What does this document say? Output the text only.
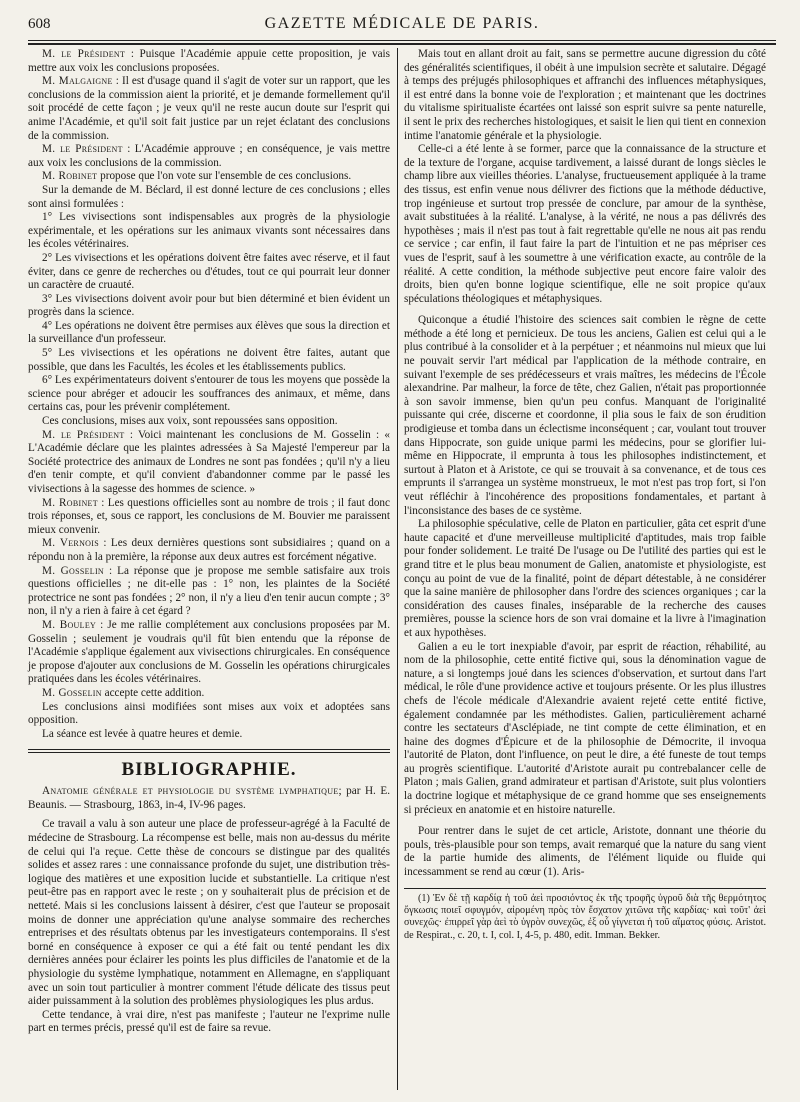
608	GAZETTE MÉDICALE DE PARIS.

M. le Président : Puisque l'Académie appuie cette proposition, je vais mettre aux voix les conclusions proposées.

M. Malgaigne : Il est d'usage quand il s'agit de voter sur un rapport, que les conclusions de la commission aient la priorité, et je demande formellement qu'il soit procédé de cette façon ; je veux qu'il ne reste aucun doute sur l'esprit qui anime l'Académie, et qu'il soit fait justice par un rejet éclatant des conclusions de la commission.

M. le Président : L'Académie approuve ; en conséquence, je vais mettre aux voix les conclusions de la commission.

M. Robinet propose que l'on vote sur l'ensemble de ces conclusions.

Sur la demande de M. Béclard, il est donné lecture de ces conclusions ; elles sont ainsi formulées :

1° Les vivisections sont indispensables aux progrès de la physiologie expérimentale, et les opérations sur les animaux vivants sont nécessaires dans les écoles vétérinaires.

2° Les vivisections et les opérations doivent être faites avec réserve, et il faut éviter, dans ce genre de recherches ou d'études, tout ce qui pourrait leur donner un caractère de cruauté.

3° Les vivisections doivent avoir pour but bien déterminé et bien évident un progrès dans la science.

4° Les opérations ne doivent être permises aux élèves que sous la direction et la surveillance d'un professeur.

5° Les vivisections et les opérations ne doivent être faites, autant que possible, que dans les Facultés, les écoles et les établissements publics.

6° Les expérimentateurs doivent s'entourer de tous les moyens que possède la science pour abréger et adoucir les souffrances des animaux, et même, dans certains cas, pour les prévenir complétement.

Ces conclusions, mises aux voix, sont repoussées sans opposition.

M. le Président : Voici maintenant les conclusions de M. Gosselin : « L'Académie déclare que les plaintes adressées à Sa Majesté l'empereur par la Société protectrice des animaux de Londres ne sont pas fondées ; qu'il n'y a lieu d'en tenir compte, et qu'il convient d'abandonner comme par le passé les vivisections à la sagesse des hommes de science. »

M. Robinet : Les questions officielles sont au nombre de trois ; il faut donc trois réponses, et, sous ce rapport, les conclusions de M. Bouvier me paraissent mieux convenir.

M. Vernois : Les deux dernières questions sont subsidiaires ; quand on a répondu non à la première, la réponse aux deux autres est forcément négative.

M. Gosselin : La réponse que je propose me semble satisfaire aux trois questions officielles ; ne dit-elle pas : 1° non, les plaintes de la Société protectrice ne sont pas fondées ; 2° non, il n'y a lieu d'en tenir aucun compte ; 3° non, il n'y a rien à faire à cet égard ?

M. Bouley : Je me rallie complétement aux conclusions proposées par M. Gosselin ; seulement je voudrais qu'il fût bien entendu que la réponse de l'Académie s'applique également aux vivisections chirurgicales. En conséquence je propose d'ajouter aux conclusions de M. Gosselin les opérations chirurgicales pratiquées dans les écoles vétérinaires.

M. Gosselin accepte cette addition.

Les conclusions ainsi modifiées sont mises aux voix et adoptées sans opposition.

La séance est levée à quatre heures et demie.

BIBLIOGRAPHIE.

Anatomie générale et physiologie du système lymphatique; par H. E. Beaunis. — Strasbourg, 1863, in-4, IV-96 pages.

Ce travail a valu à son auteur une place de professeur-agrégé à la Faculté de médecine de Strasbourg. La récompense est belle, mais non au-dessus du mérite de celui qui l'a reçue. Cette thèse de concours se distingue par des qualités solides et assez rares : une connaissance profonde du sujet, une distribution très-logique des matières et une exposition lucide et substantielle. La critique n'est peut-être pas en rapport avec le reste ; on y souhaiterait plus de précision et de netteté. Mais si les conclusions laissent à désirer, c'est que l'auteur se proposait moins de donner une appréciation qu'une analyse sommaire des recherches entreprises et des résultats obtenus par les investigateurs contemporains. Il s'est borné en conséquence à exposer ce qui a été fait ou tenté pendant les dix dernières années pour éclairer les points les plus difficiles de l'anatomie et de la physiologie du système lymphatique, notamment en Allemagne, en s'appliquant avec un soin tout particulier à montrer comment l'étude délicate des tissus peut aider puissamment à la solution des problèmes physiologiques les plus ardus.

Cette tendance, à vrai dire, n'est pas manifeste ; l'auteur ne l'exprime nulle part en termes précis, pressé qu'il est de faire sa revue.

Mais tout en allant droit au fait, sans se permettre aucune digression du côté des généralités scientifiques, il obéit à une impulsion secrète et salutaire. Dégagé à temps des préjugés philosophiques et affranchi des influences métaphysiques, il est entré dans la bonne voie de l'exploration ; et maintenant que les doctrines du vitalisme spiritualiste écartées ont laissé son esprit suivre sa pente naturelle, il sent le prix des recherches histologiques, et saisit le lien qui tient en connexion intime l'anatomie générale et la physiologie.

Celle-ci a été lente à se former, parce que la connaissance de la structure et de la texture de l'organe, acquise tardivement, a laissé durant de longs siècles le champ libre aux vieilles théories. L'analyse, fructueusement appliquée à la trame des tissus, est enfin venue nous délivrer des fictions que la méthode déductive, trop ingénieuse et surtout trop pressée de conclure, par amour de la synthèse, avait substituées à la réalité. L'analyse, à la vérité, ne nous a pas délivrés des hypothèses ; mais il n'est pas tout à fait regrettable qu'elle ne nous ait pas rendu ce service ; car enfin, il faut faire la part de l'intuition et ne pas mépriser ces vues de l'esprit, sauf à les soumettre à une vérification exacte, au contrôle de la réalité. A cette condition, la méthode subjective peut encore faire valoir des droits, bien qu'en bonne logique scientifique, elle ne soit propice qu'aux spéculations théologiques et métaphysiques.

Quiconque a étudié l'histoire des sciences sait combien le règne de cette méthode a été long et pernicieux. De tous les anciens, Galien est celui qui a le plus contribué à la consolider et à la perpétuer ; et néanmoins nul mieux que lui ne pouvait servir l'art médical par l'application de la méthode contraire, en suivant l'exemple de ses prédécesseurs et vrais maîtres, les médecins de l'École alexandrine. Par malheur, la force de tête, chez Galien, n'était pas proportionnée à son savoir immense, bien qu'un peu confus. Manquant de l'originalité puissante qui crée, discerne et coordonne, il plia sous le faix de son érudition prodigieuse et tomba dans un éclectisme inconséquent ; car, voulant tout trouver dans Hippocrate, son guide unique parmi les médecins, pour se glorifier lui-même en Hippocrate, il emprunta à tous les philosophes indistinctement, et surtout à Platon et à Aristote, ce qui se trouvait à sa convenance, et de tous ces emprunts il s'arrangea un système monstrueux, le mot n'est pas trop fort, si l'on veut réfléchir à l'incohérence des propositions fondamentales, et partant à l'inconsistance des bases de ce système.

La philosophie spéculative, celle de Platon en particulier, gâta cet esprit d'une haute capacité et d'une merveilleuse multiplicité d'aptitudes, mais trop faible pour fonder solidement. Le traité De l'usage ou De l'utilité des parties qui est le grand titre et le plus beau monument de Galien, anatomiste et physiologiste, est conçu au point de vue de la finalité, point de départ détestable, à ne considérer que la saine manière de philosopher dans l'ordre des sciences organiques ; car la considération des causes finales, inséparable de la recherche des causes premières, pousse la science hors de son vrai domaine et la livre à l'imagination et aux hypothèses.

Galien a eu le tort inexpiable d'avoir, par esprit de réaction, réhabilité, au nom de la philosophie, cette entité fictive qui, sous la dénomination vague de nature, a si longtemps joué dans les sciences d'observation, et surtout dans l'art médical, le rôle d'une providence active et toujours présente. Or les plus illustres chefs de l'école médicale d'Alexandrie avaient rejeté cette entité fictive, également condamnée par les méthodistes. Galien, particulièrement acharné contre les sectateurs d'Asclépiade, ne tint compte de cette élimination, et en haine des dogmes d'Épicure et de la philosophie de Démocrite, il invoqua l'autorité de Platon, dont l'influence, on peut le dire, a été funeste de tout temps au progrès scientifique. L'autorité d'Aristote aurait pu contrebalancer celle de Platon ; mais Galien, grand admirateur et partisan d'Aristote, suit plus volontiers la doctrine logique et métaphysique de ce grand homme que ses enseignements si précieux en anatomie et en histoire naturelle.

Pour rentrer dans le sujet de cet article, Aristote, donnant une théorie du pouls, très-plausible pour son temps, avait remarqué que la nature du sang vient de la partie humide des aliments, de l'élément liquide ou fluide qui incessamment se rend au cœur (1). Aris-

(1) Ἐν δὲ τῇ καρδίᾳ ἡ τοῦ ἀεὶ προσιόντος ἐκ τῆς τροφῆς ὑγροῦ διὰ τῆς θερμότητος ὄγκωσις ποιεῖ σφυγμόν, αἰρομένη πρὸς τὸν ἔσχατον χιτῶνα τῆς καρδίας· καὶ τοῦτ' ἀεὶ συνεχῶς· ἐπιρρεῖ γὰρ ἀεὶ τὸ ὑγρὸν συνεχῶς, ἐξ οὗ γίγνεται ἡ τοῦ αἵματος φύσις. Aristot. de Respirat., c. 20, t. I, col. I, 4-5, p. 480, edit. Imman. Bekker.
